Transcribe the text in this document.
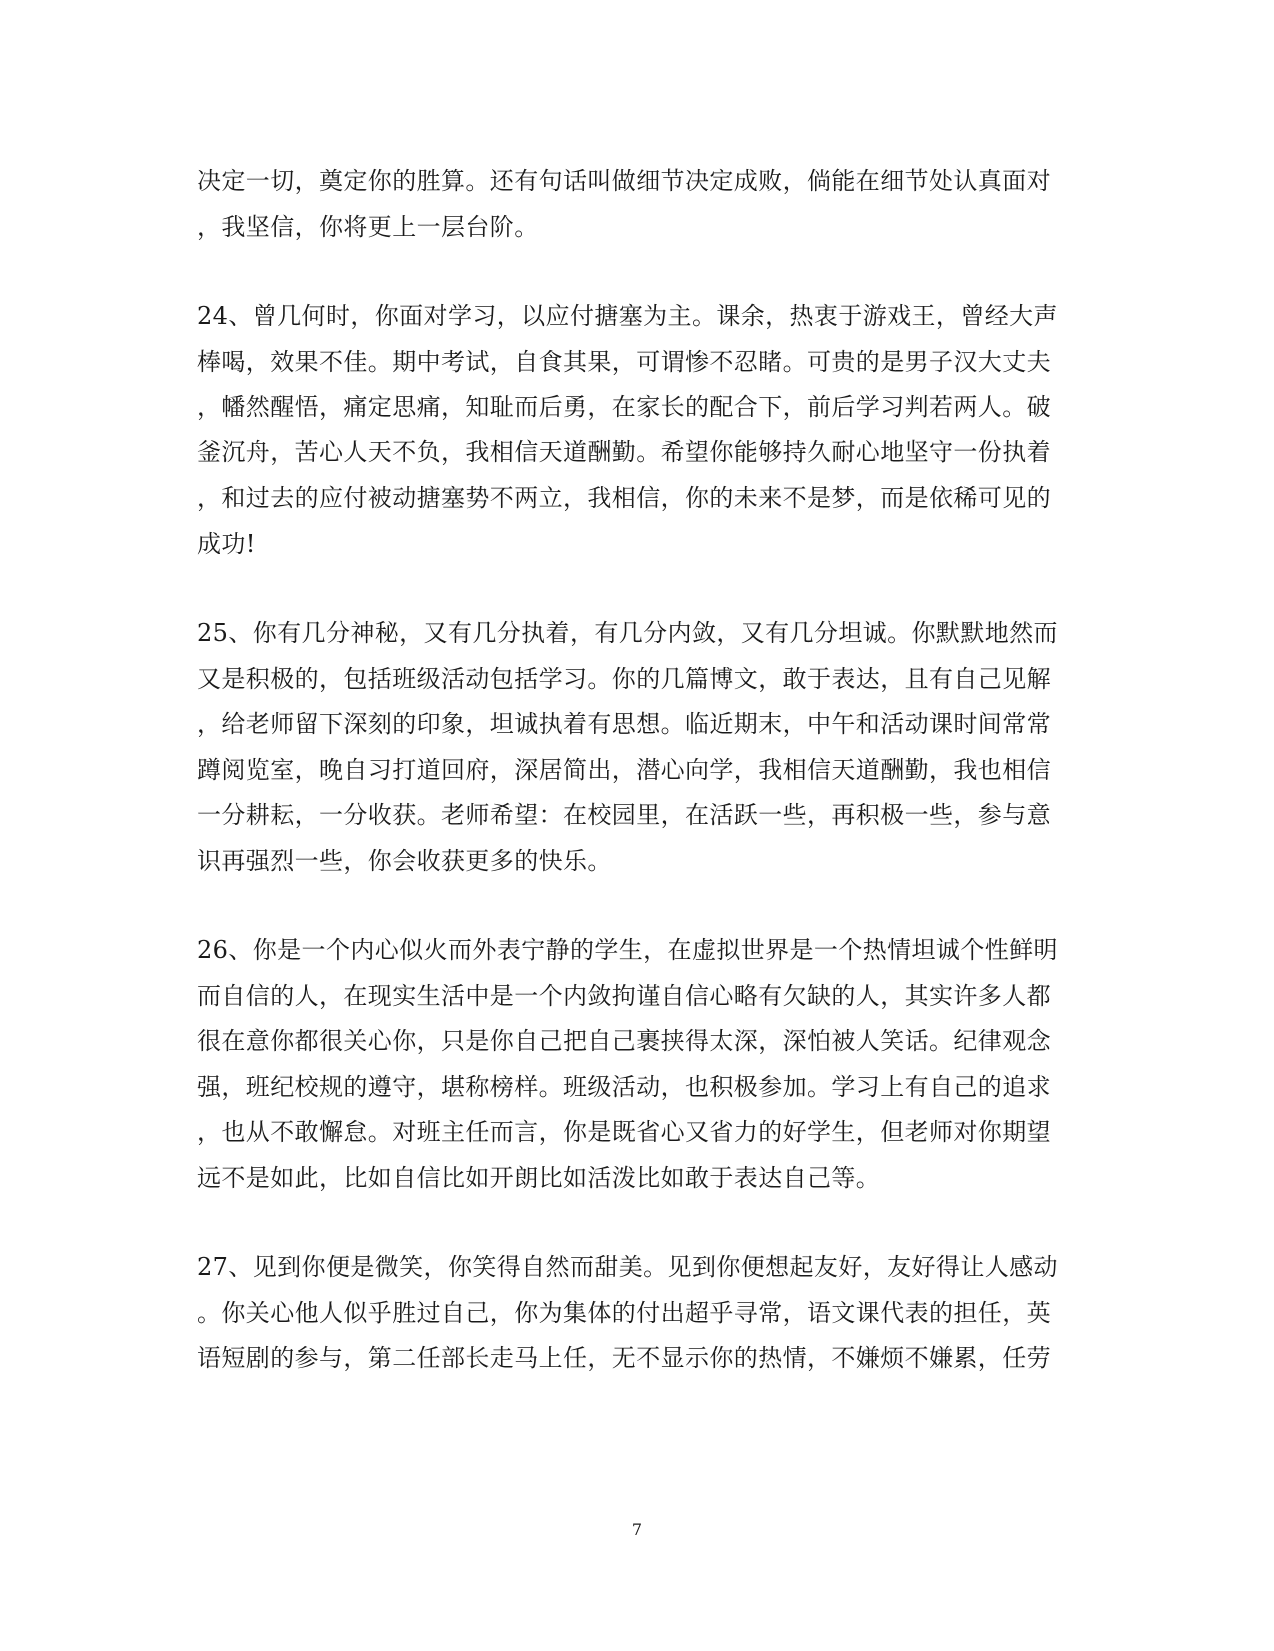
决定一切，奠定你的胜算。还有句话叫做细节决定成败，倘能在细节处认真面对
，我坚信，你将更上一层台阶。
24、曾几何时，你面对学习，以应付搪塞为主。课余，热衷于游戏王，曾经大声
棒喝，效果不佳。期中考试，自食其果，可谓惨不忍睹。可贵的是男子汉大丈夫
，幡然醒悟，痛定思痛，知耻而后勇，在家长的配合下，前后学习判若两人。破
釜沉舟，苦心人天不负，我相信天道酬勤。希望你能够持久耐心地坚守一份执着
，和过去的应付被动搪塞势不两立，我相信，你的未来不是梦，而是依稀可见的
成功!
25、你有几分神秘，又有几分执着，有几分内敛，又有几分坦诚。你默默地然而
又是积极的，包括班级活动包括学习。你的几篇博文，敢于表达，且有自己见解
，给老师留下深刻的印象，坦诚执着有思想。临近期末，中午和活动课时间常常
蹲阅览室，晚自习打道回府，深居简出，潜心向学，我相信天道酬勤，我也相信
一分耕耘，一分收获。老师希望：在校园里，在活跃一些，再积极一些，参与意
识再强烈一些，你会收获更多的快乐。
26、你是一个内心似火而外表宁静的学生，在虚拟世界是一个热情坦诚个性鲜明
而自信的人，在现实生活中是一个内敛拘谨自信心略有欠缺的人，其实许多人都
很在意你都很关心你，只是你自己把自己裹挟得太深，深怕被人笑话。纪律观念
强，班纪校规的遵守，堪称榜样。班级活动，也积极参加。学习上有自己的追求
，也从不敢懈怠。对班主任而言，你是既省心又省力的好学生，但老师对你期望
远不是如此，比如自信比如开朗比如活泼比如敢于表达自己等。
27、见到你便是微笑，你笑得自然而甜美。见到你便想起友好，友好得让人感动
。你关心他人似乎胜过自己，你为集体的付出超乎寻常，语文课代表的担任，英
语短剧的参与，第二任部长走马上任，无不显示你的热情，不嫌烦不嫌累，任劳
7
